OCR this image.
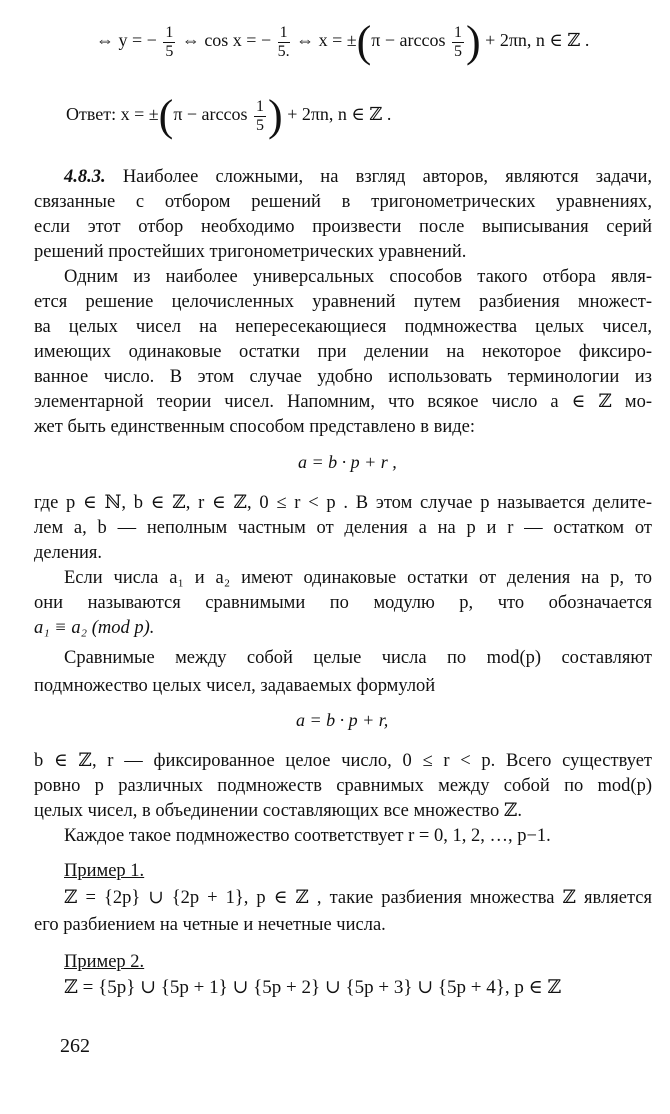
⇔ y = − $\frac{1}{5}$ ⇔ cos x = − $\frac{1}{5.}$ ⇔ $x = \pm(\pi - \arccos \frac{1}{5}$ ) + 2πn, n ∈ ℤ .
Ответ: $x = \pm(\pi - \arccos \frac{1}{5}$ ) + 2πn, n ∈ ℤ .
4.8.3. Наиболее сложными, на взгляд авторов, являются задачи,
связанные с отбором решений в тригонометрических уравнениях,
если этот отбор необходимо произвести после выписывания серий
решений простейших тригонометрических уравнений.
Одним из наиболее универсальных способов такого отбора явля-
ется решение целочисленных уравнений путем разбиения множест-
ва целых чисел на непересекающиеся подмножества целых чисел,
имеющих одинаковые остатки при делении на некоторое фиксиро-
ванное число. В этом случае удобно использовать терминологии из
элементарной теории чисел. Напомним, что всякое число a ∈ ℤ мо-
жет быть единственным способом представлено в виде:
a = b · p + r ,
где p ∈ ℕ, b ∈ ℤ, r ∈ ℤ, 0 ≤ r < p . В этом случае p называется делите-
лем a, b — неполным частным от деления a на p и r — остатком от
деления.
Если числа a₁ и a₂ имеют одинаковые остатки от деления на p, то
они называются сравнимыми по модулю p, что обозначается
a₁ ≡ a₂ (mod p).
Сравнимые между собой целые числа по mod(p) составляют
подмножество целых чисел, задаваемых формулой
a = b · p + r,
b ∈ ℤ, r — фиксированное целое число, 0 ≤ r < p. Всего существует
ровно p различных подмножеств сравнимых между собой по mod(p)
целых чисел, в объединении составляющих все множество ℤ.
Каждое такое подмножество соответствует r = 0, 1, 2, …, p−1.
Пример 1.
ℤ = {2p} ∪ {2p + 1}, p ∈ ℤ , такие разбиения множества ℤ является
его разбиением на четные и нечетные числа.
Пример 2.
ℤ = {5p} ∪ {5p + 1} ∪ {5p + 2} ∪ {5p + 3} ∪ {5p + 4}, p ∈ ℤ
262
